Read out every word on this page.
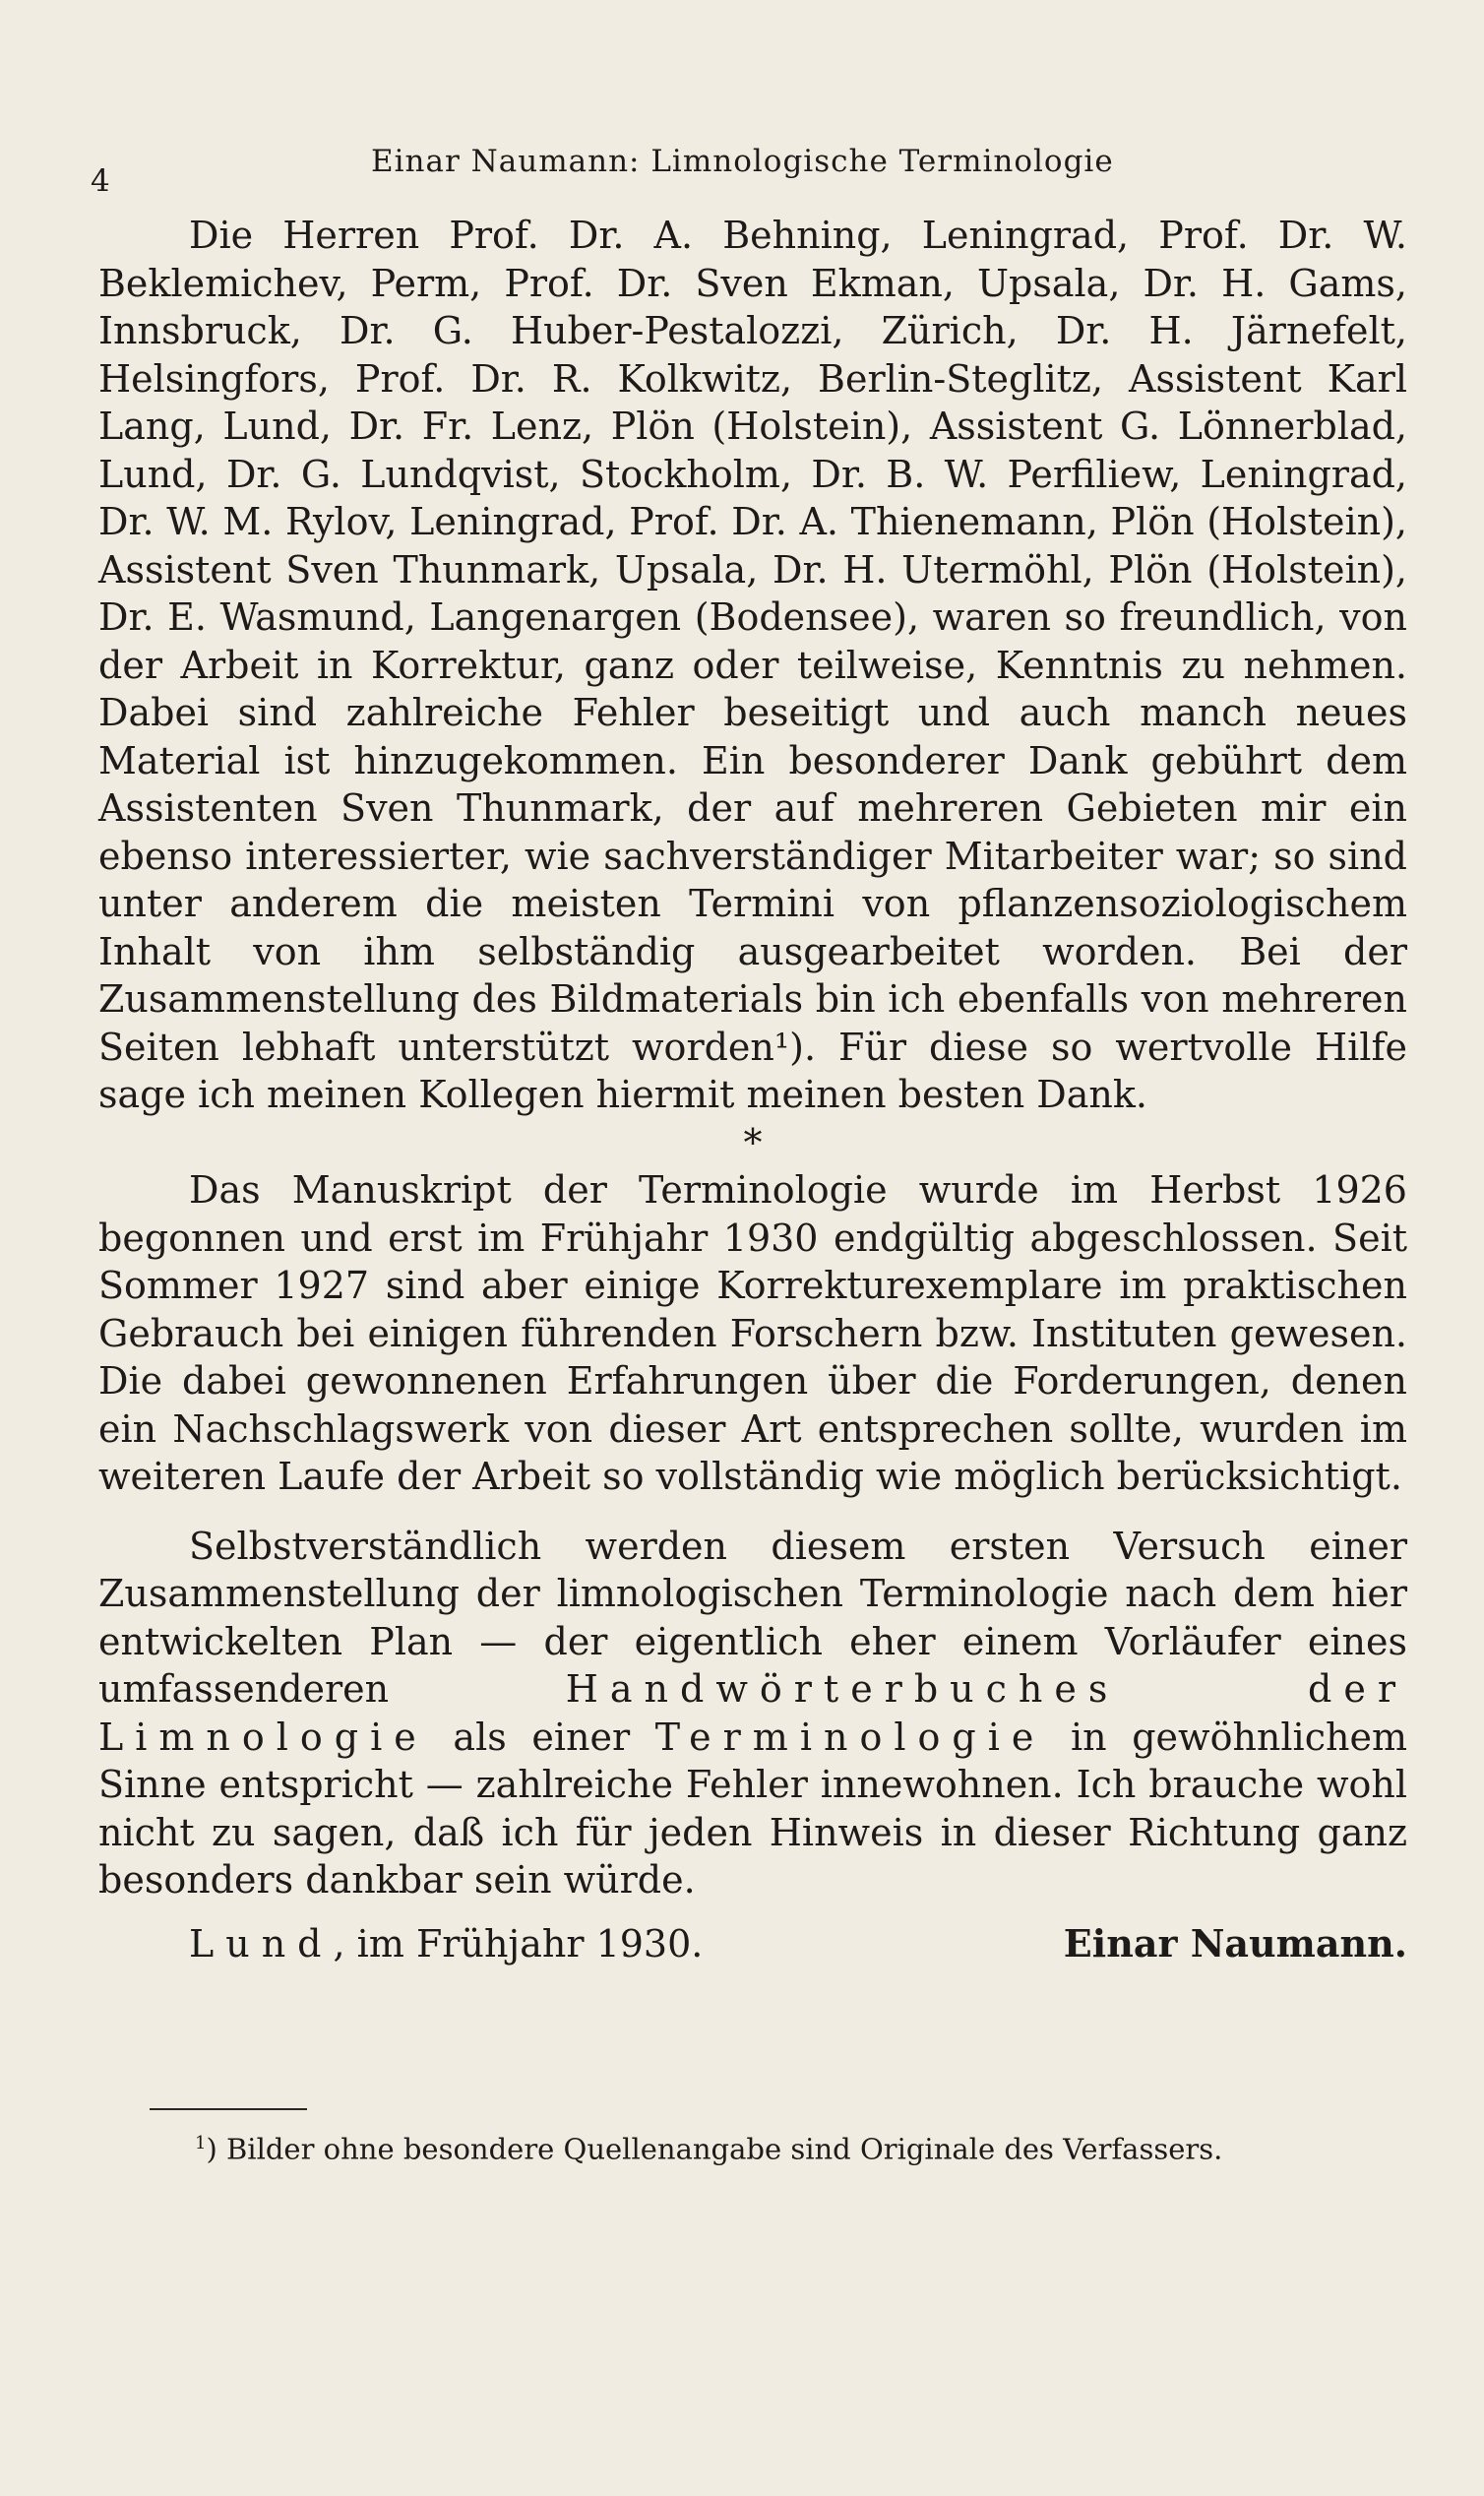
4
Einar Naumann: Limnologische Terminologie

Die Herren Prof. Dr. A. Behning, Leningrad, Prof. Dr. W. Beklemichev, Perm, Prof. Dr. Sven Ekman, Upsala, Dr. H. Gams, Innsbruck, Dr. G. Huber-Pestalozzi, Zürich, Dr. H. Järnefelt, Helsingfors, Prof. Dr. R. Kolkwitz, Berlin-Steglitz, Assistent Karl Lang, Lund, Dr. Fr. Lenz, Plön (Holstein), Assistent G. Lönnerblad, Lund, Dr. G. Lundqvist, Stockholm, Dr. B. W. Perfiliew, Leningrad, Dr. W. M. Rylov, Leningrad, Prof. Dr. A. Thienemann, Plön (Holstein), Assistent Sven Thunmark, Upsala, Dr. H. Utermöhl, Plön (Holstein), Dr. E. Wasmund, Langenargen (Bodensee), waren so freundlich, von der Arbeit in Korrektur, ganz oder teilweise, Kenntnis zu nehmen. Dabei sind zahlreiche Fehler beseitigt und auch manch neues Material ist hinzugekommen. Ein besonderer Dank gebührt dem Assistenten Sven Thunmark, der auf mehreren Gebieten mir ein ebenso interessierter, wie sachverständiger Mitarbeiter war; so sind unter anderem die meisten Termini von pflanzensoziologischem Inhalt von ihm selbständig ausgearbeitet worden. Bei der Zusammenstellung des Bildmaterials bin ich ebenfalls von mehreren Seiten lebhaft unterstützt worden¹). Für diese so wertvolle Hilfe sage ich meinen Kollegen hiermit meinen besten Dank.

*

Das Manuskript der Terminologie wurde im Herbst 1926 begonnen und erst im Frühjahr 1930 endgültig abgeschlossen. Seit Sommer 1927 sind aber einige Korrekturexemplare im praktischen Gebrauch bei einigen führenden Forschern bzw. Instituten gewesen. Die dabei gewonnenen Erfahrungen über die Forderungen, denen ein Nachschlagswerk von dieser Art entsprechen sollte, wurden im weiteren Laufe der Arbeit so vollständig wie möglich berücksichtigt.

Selbstverständlich werden diesem ersten Versuch einer Zusammenstellung der limnologischen Terminologie nach dem hier entwickelten Plan — der eigentlich eher einem Vorläufer eines umfassenderen Handwörterbuches der Limnologie als einer Terminologie in gewöhnlichem Sinne entspricht — zahlreiche Fehler innewohnen. Ich brauche wohl nicht zu sagen, daß ich für jeden Hinweis in dieser Richtung ganz besonders dankbar sein würde.

Lund, im Frühjahr 1930.	Einar Naumann.
$^1$) Bilder ohne besondere Quellenangabe sind Originale des Verfassers.
